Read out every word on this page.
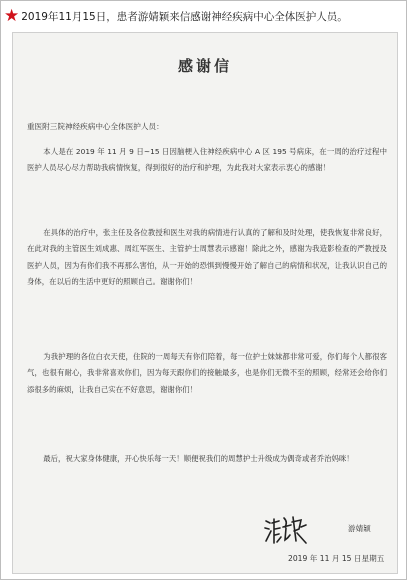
★ 2019年11月15日，患者游婧颖来信感谢神经疾病中心全体医护人员。
感谢信
重医附三院神经疾病中心全体医护人员：

本人是在 2019 年 11 月 9 日~15 日因脑梗入住神经疾病中心 A 区 195 号病床，在一周的治疗过程中医护人员尽心尽力帮助我病情恢复，得到很好的治疗和护理，为此我对大家表示衷心的感谢！

在具体的治疗中，张主任及各位教授和医生对我的病情进行认真的了解和及时处理，使我恢复非常良好，在此对我的主管医生刘成惠、周红军医生、主管护士周慧表示感谢！除此之外，感谢为我造影检查的严教授及医护人员，因为有你们我不再那么害怕，从一开始的恐惧到慢慢开始了解自己的病情和状况，让我认识自己的身体，在以后的生活中更好的照顾自己。谢谢你们！

为我护理的各位白衣天使，住院的一周每天有你们陪着，每一位护士妹妹都非常可爱，你们每个人都很客气，也很有耐心，我非常喜欢你们，因为每天跟你们的接触最多，也是你们无微不至的照顾，经常还会给你们添很多的麻烦，让我自己实在不好意思，谢谢你们！

最后，祝大家身体健康，开心快乐每一天！顺便祝我们的周慧护士升级成为偶奇或者乔治妈咪！

游婧颖
2019 年 11 月 15 日星期五
